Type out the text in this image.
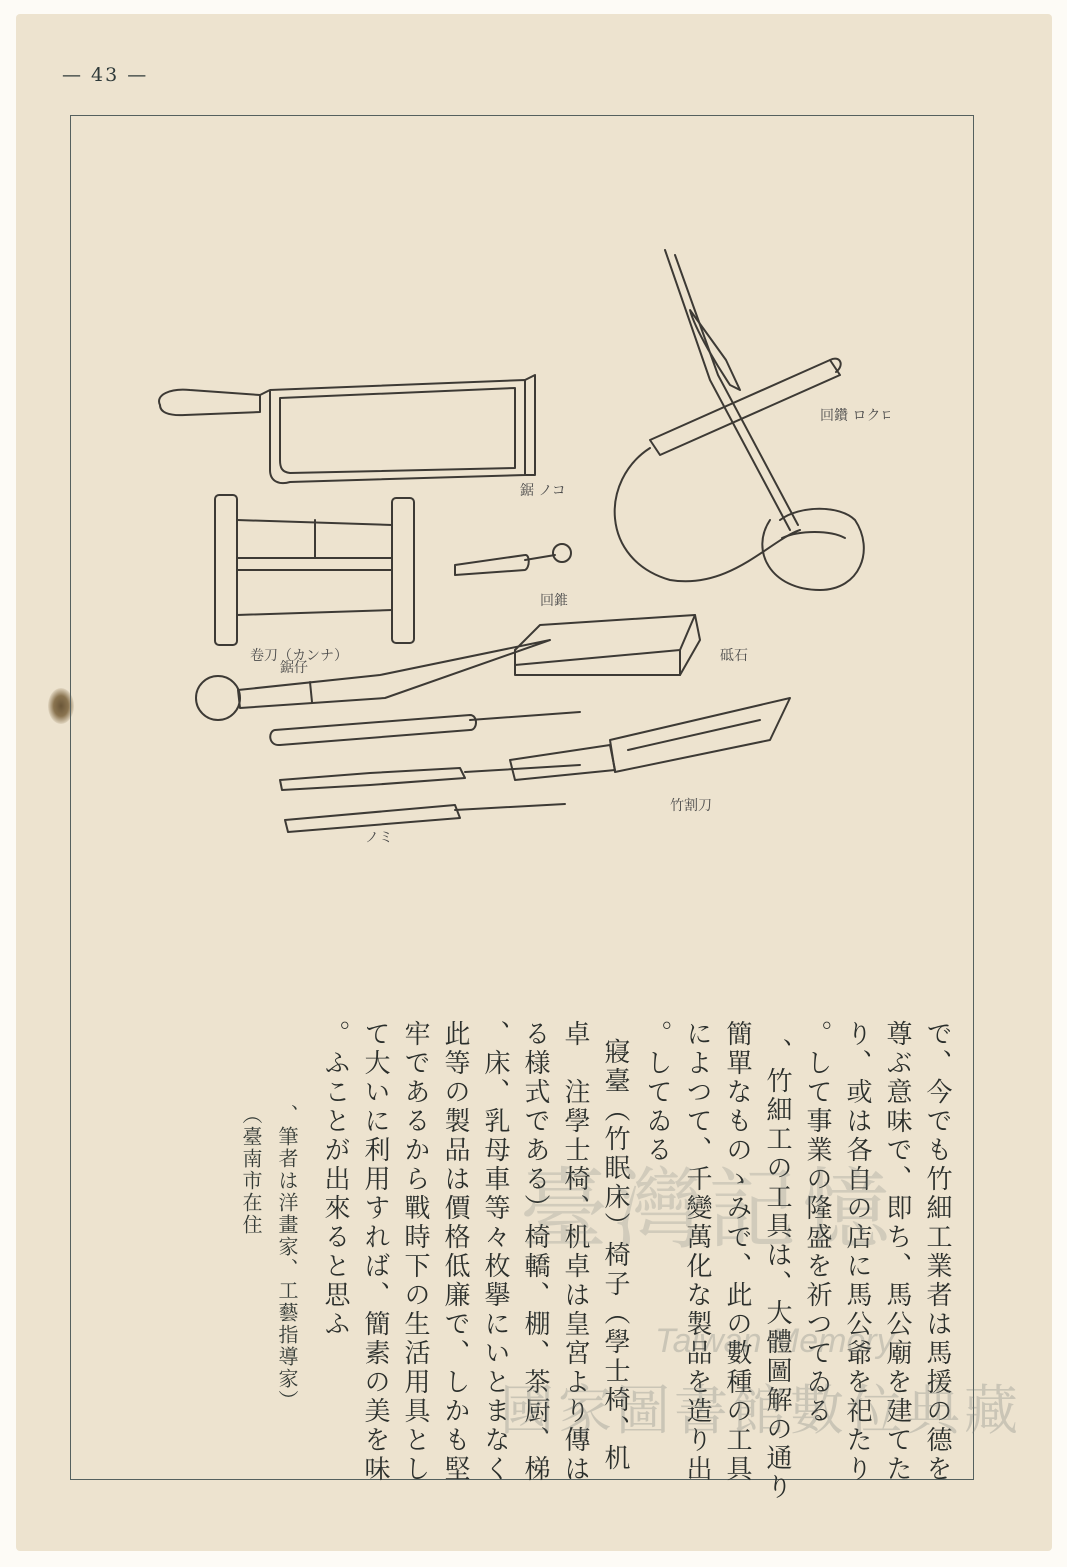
— 43 —
鋸 ノコ
回鑽 ロクロ
鋸仔
回錐
卷刀（カンナ）	砥石
ノミ
竹割刀
で、今でも竹細工業者は馬援の德を
尊ぶ意味で、即ち、馬公廟を建てた
り、或は各自の店に馬公爺を祀たり
して事業の隆盛を祈つてゐる。
竹細工の工具は、大體圖解の通り、
簡單なものゝみで、此の數種の工具
によつて、千變萬化な製品を造り出
してゐる。
寢臺（竹眠床）椅子（學士椅、机
卓　注學士椅、机卓は皇宮より傳は
る様式である）椅轎、棚、茶厨、梯
床、乳母車等々枚擧にいとまなく、
此等の製品は價格低廉で、しかも堅
牢であるから戰時下の生活用具とし
て大いに利用すれば、簡素の美を味
ふことが出來ると思ふ。
（筆者は洋畫家、工藝指導家、
臺南市在住）	臺灣記憶
Taiwan Memory
國家圖書館數位典藏
